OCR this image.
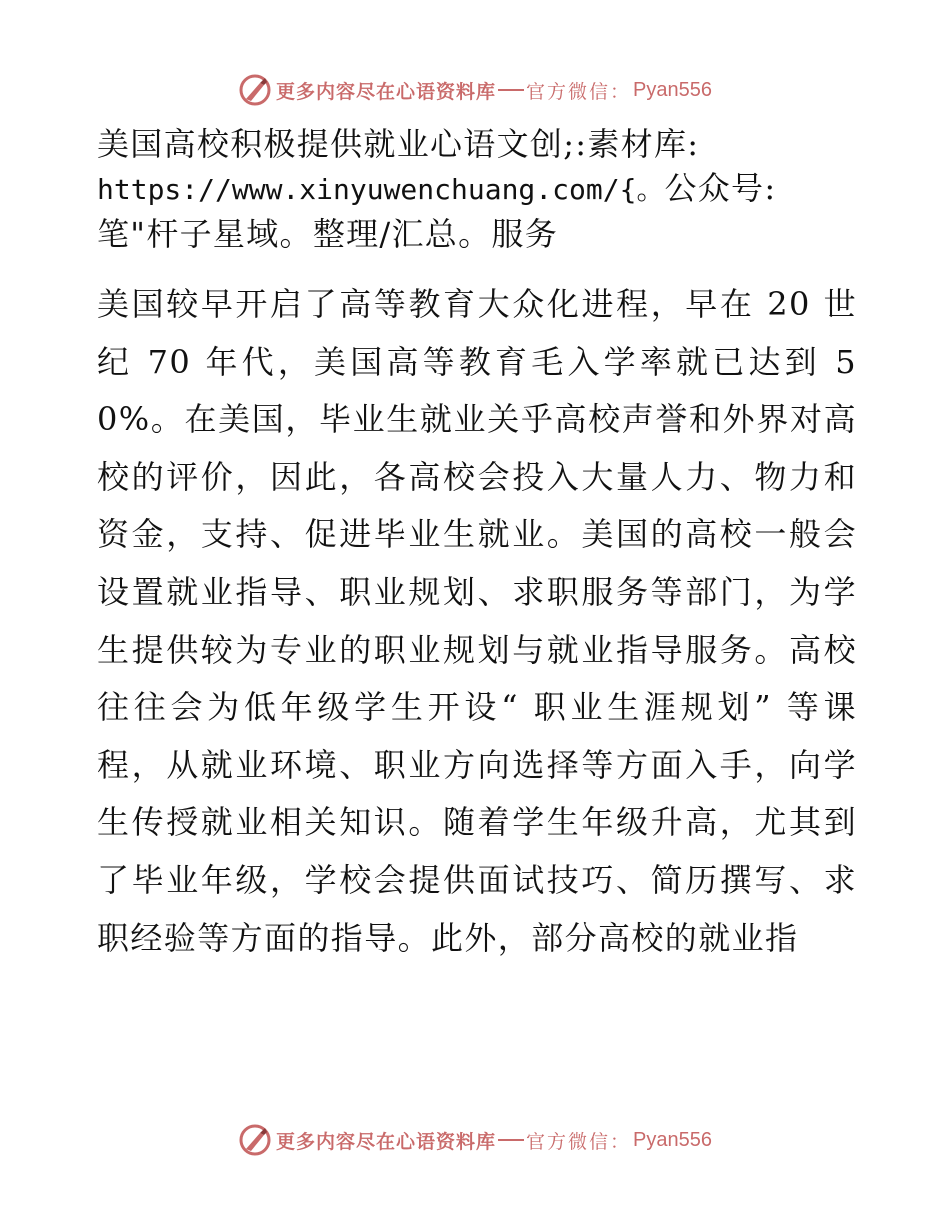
更多内容尽在心语资料库 官方微信： Pyan556

美国高校积极提供就业心语文创;:素材库:
https://www.xinyuwenchuang.com/{。公众号:
笔"杆子星域。整理/汇总。服务

美国较早开启了高等教育大众化进程，早在 20 世纪 70 年代，美国高等教育毛入学率就已达到 50%。在美国，毕业生就业关乎高校声誉和外界对高校的评价，因此，各高校会投入大量人力、物力和资金，支持、促进毕业生就业。美国的高校一般会设置就业指导、职业规划、求职服务等部门，为学生提供较为专业的职业规划与就业指导服务。高校往往会为低年级学生开设“ 职业生涯规划” 等课程，从就业环境、职业方向选择等方面入手，向学生传授就业相关知识。随着学生年级升高，尤其到了毕业年级，学校会提供面试技巧、简历撰写、求职经验等方面的指导。此外，部分高校的就业指

更多内容尽在心语资料库 官方微信： Pyan556
